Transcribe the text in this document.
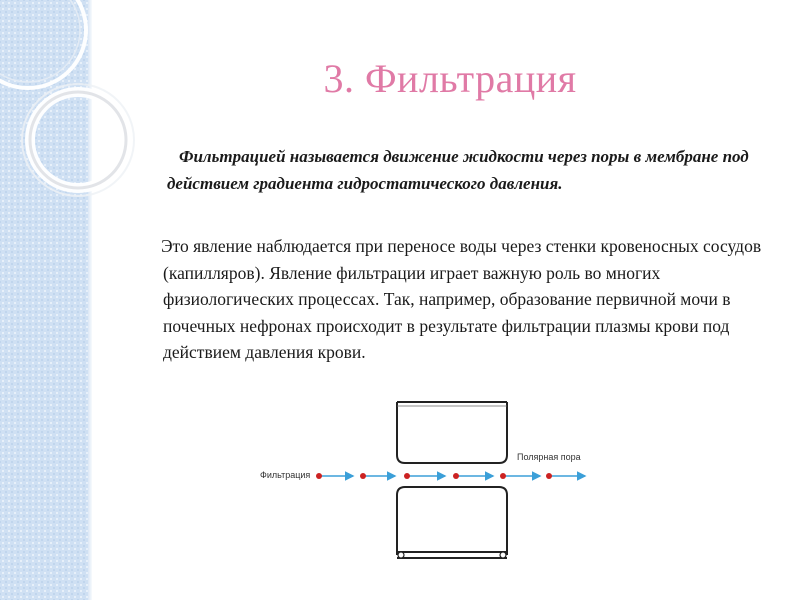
3. Фильтрация

Фильтрацией называется движение жидкости через поры в мембране под действием градиента гидростатического давления.

Это явление наблюдается при переносе воды через стенки кровеносных сосудов (капилляров). Явление фильтрации играет важную роль во многих физиологических процессах. Так, например, образование первичной мочи в почечных нефронах происходит в результате фильтрации плазмы крови под действием давления крови.

Фильтрация
Полярная пора
